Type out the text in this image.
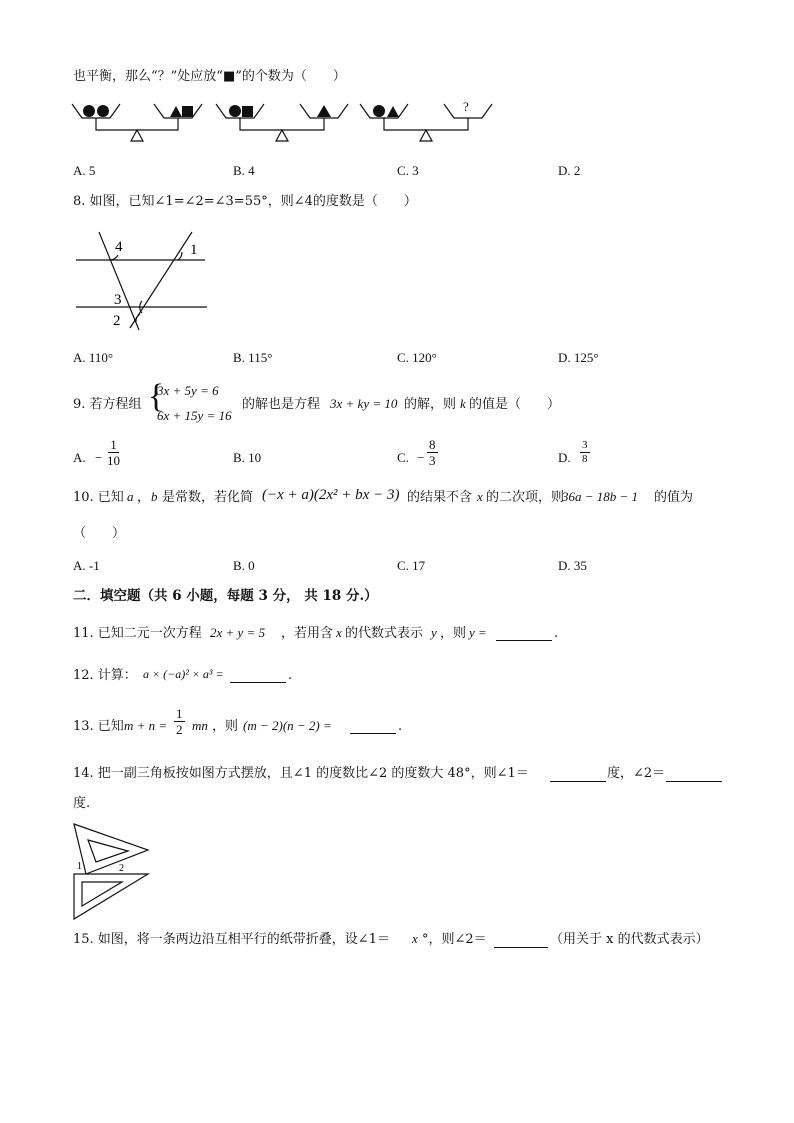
也平衡，那么“？”处应放“■”的个数为（　　）
?
A. 5	B. 4	C. 3	D. 2
8. 如图，已知∠1=∠2=∠3=55°，则∠4的度数是（　　）
4	1
3
2
A. 110°	B. 115°	C. 120°	D. 125°
9. 若方程组 {
3x + 5y = 6
6x + 15y = 16
的解也是方程 3x + ky = 10 的解，则 k 的值是（　　）
A. − $\frac{1}{10}$	B. 10	C. − $\frac{8}{3}$	D. $\frac{3}{8}$
10. 已知 a ， b 是常数，若化简 (−x + a)(2x² + bx − 3) 的结果不含 x 的二次项，则
36a − 18b − 1 的值为
（　　）
A. -1	B. 0	C. 17	D. 35
二．填空题（共 6 小题，每题 3 分， 共 18 分.）
11. 已知二元一次方程 2x + y = 5 ，若用含 x 的代数式表示 y ，则 y =	.
12. 计算： a × (−a)² × a³ =	.
13. 已知 $m + n = \frac{1}{2}$ mn ，则 (m − 2)(n − 2) =	.
14. 把一副三角板按如图方式摆放，且∠1 的度数比∠2 的度数大 48°，则∠1＝	度，∠2＝
度.
1	2
15. 如图，将一条两边沿互相平行的纸带折叠，设∠1＝ x °，则∠2＝	（用关于 x 的代数式表示）
